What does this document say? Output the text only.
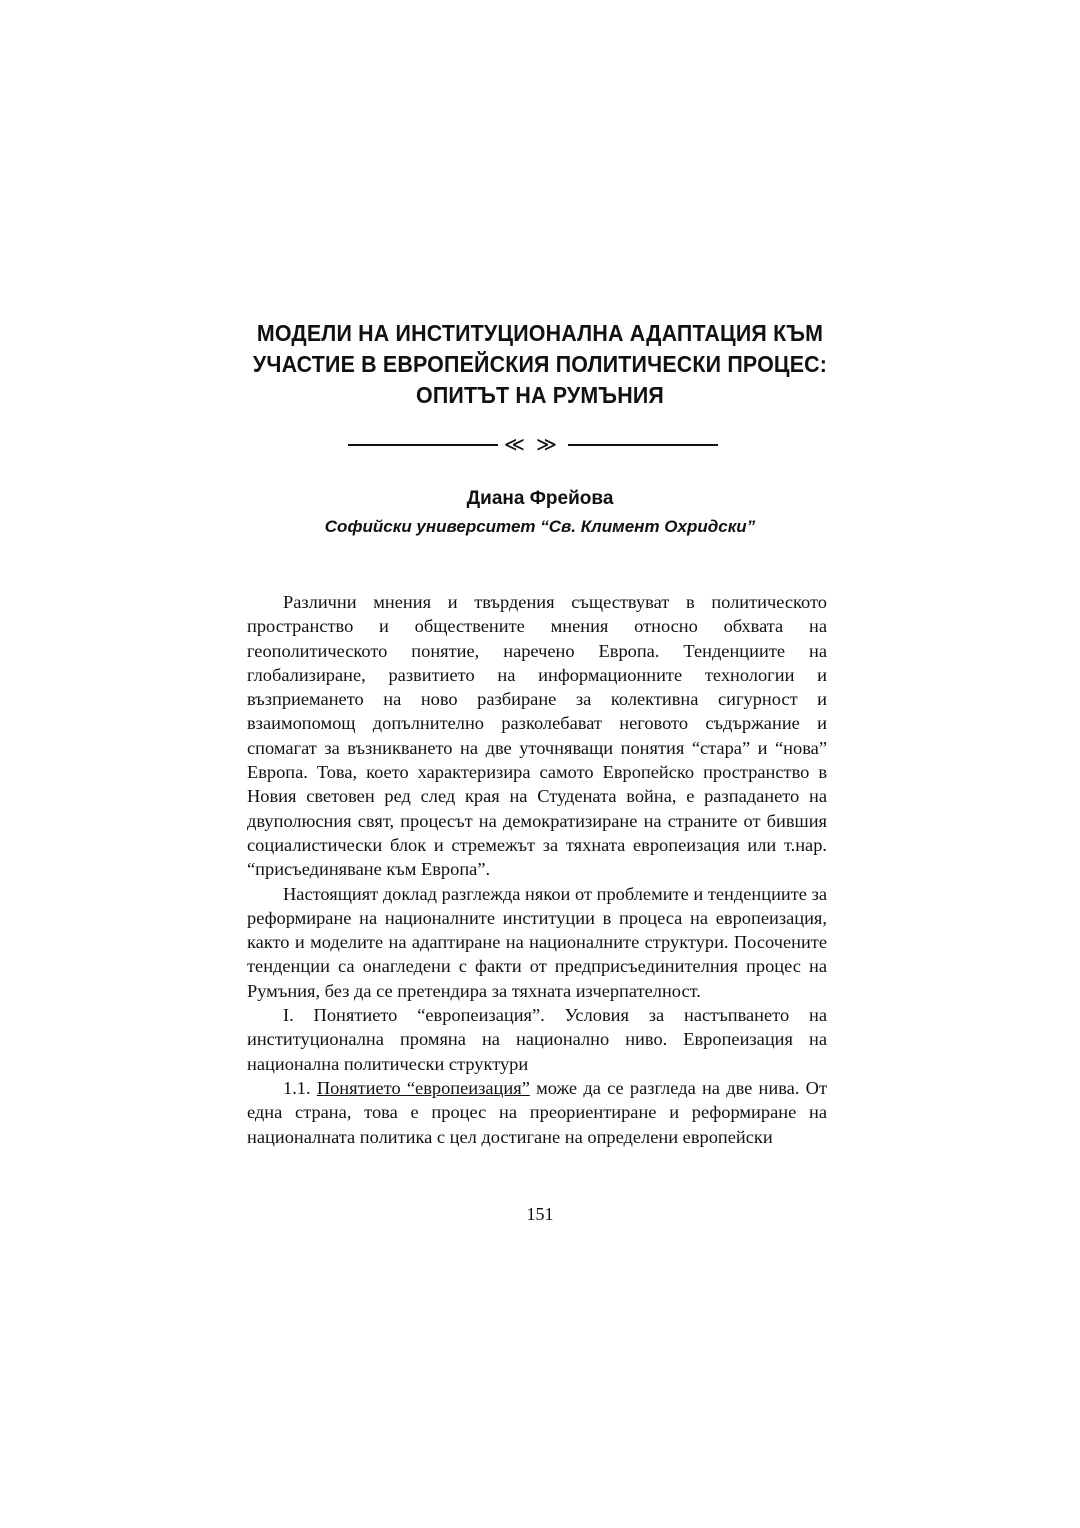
МОДЕЛИ НА ИНСТИТУЦИОНАЛНА АДАПТАЦИЯ КЪМ
УЧАСТИЕ В ЕВРОПЕЙСКИЯ ПОЛИТИЧЕСКИ ПРОЦЕС:
ОПИТЪТ НА РУМЪНИЯ
≪ ≫
Диана Фрейова
Софийски университет “Св. Климент Охридски”

Различни мнения и твърдения съществуват в политическото пространство и обществените мнения относно обхвата на геополитическото понятие, наречено Европа. Тенденциите на глобализиране, развитието на информационните технологии и възприемането на ново разбиране за колективна сигурност и взаимопомощ допълнително разколебават неговото съдържание и спомагат за възникването на две уточняващи понятия “стара” и “нова” Европа. Това, което характеризира самото Европейско пространство в Новия световен ред след края на Студената война, е разпадането на двуполюсния свят, процесът на демократизиране на страните от бившия социалистически блок и стремежът за тяхната европеизация или т.нар. “присъединяване към Европа”.

Настоящият доклад разглежда някои от проблемите и тенденциите за реформиране на националните институции в процеса на европеизация, както и моделите на адаптиране на националните структури. Посочените тенденции са онагледени с факти от предприсъединителния процес на Румъния, без да се претендира за тяхната изчерпателност.

I. Понятието “европеизация”. Условия за настъпването на институционална промяна на национално ниво. Европеизация на национална политически структури

1.1. Понятието “европеизация” може да се разгледа на две нива. От една страна, това е процес на преориентиране и реформиране на националната политика с цел достигане на определени европейски

151
